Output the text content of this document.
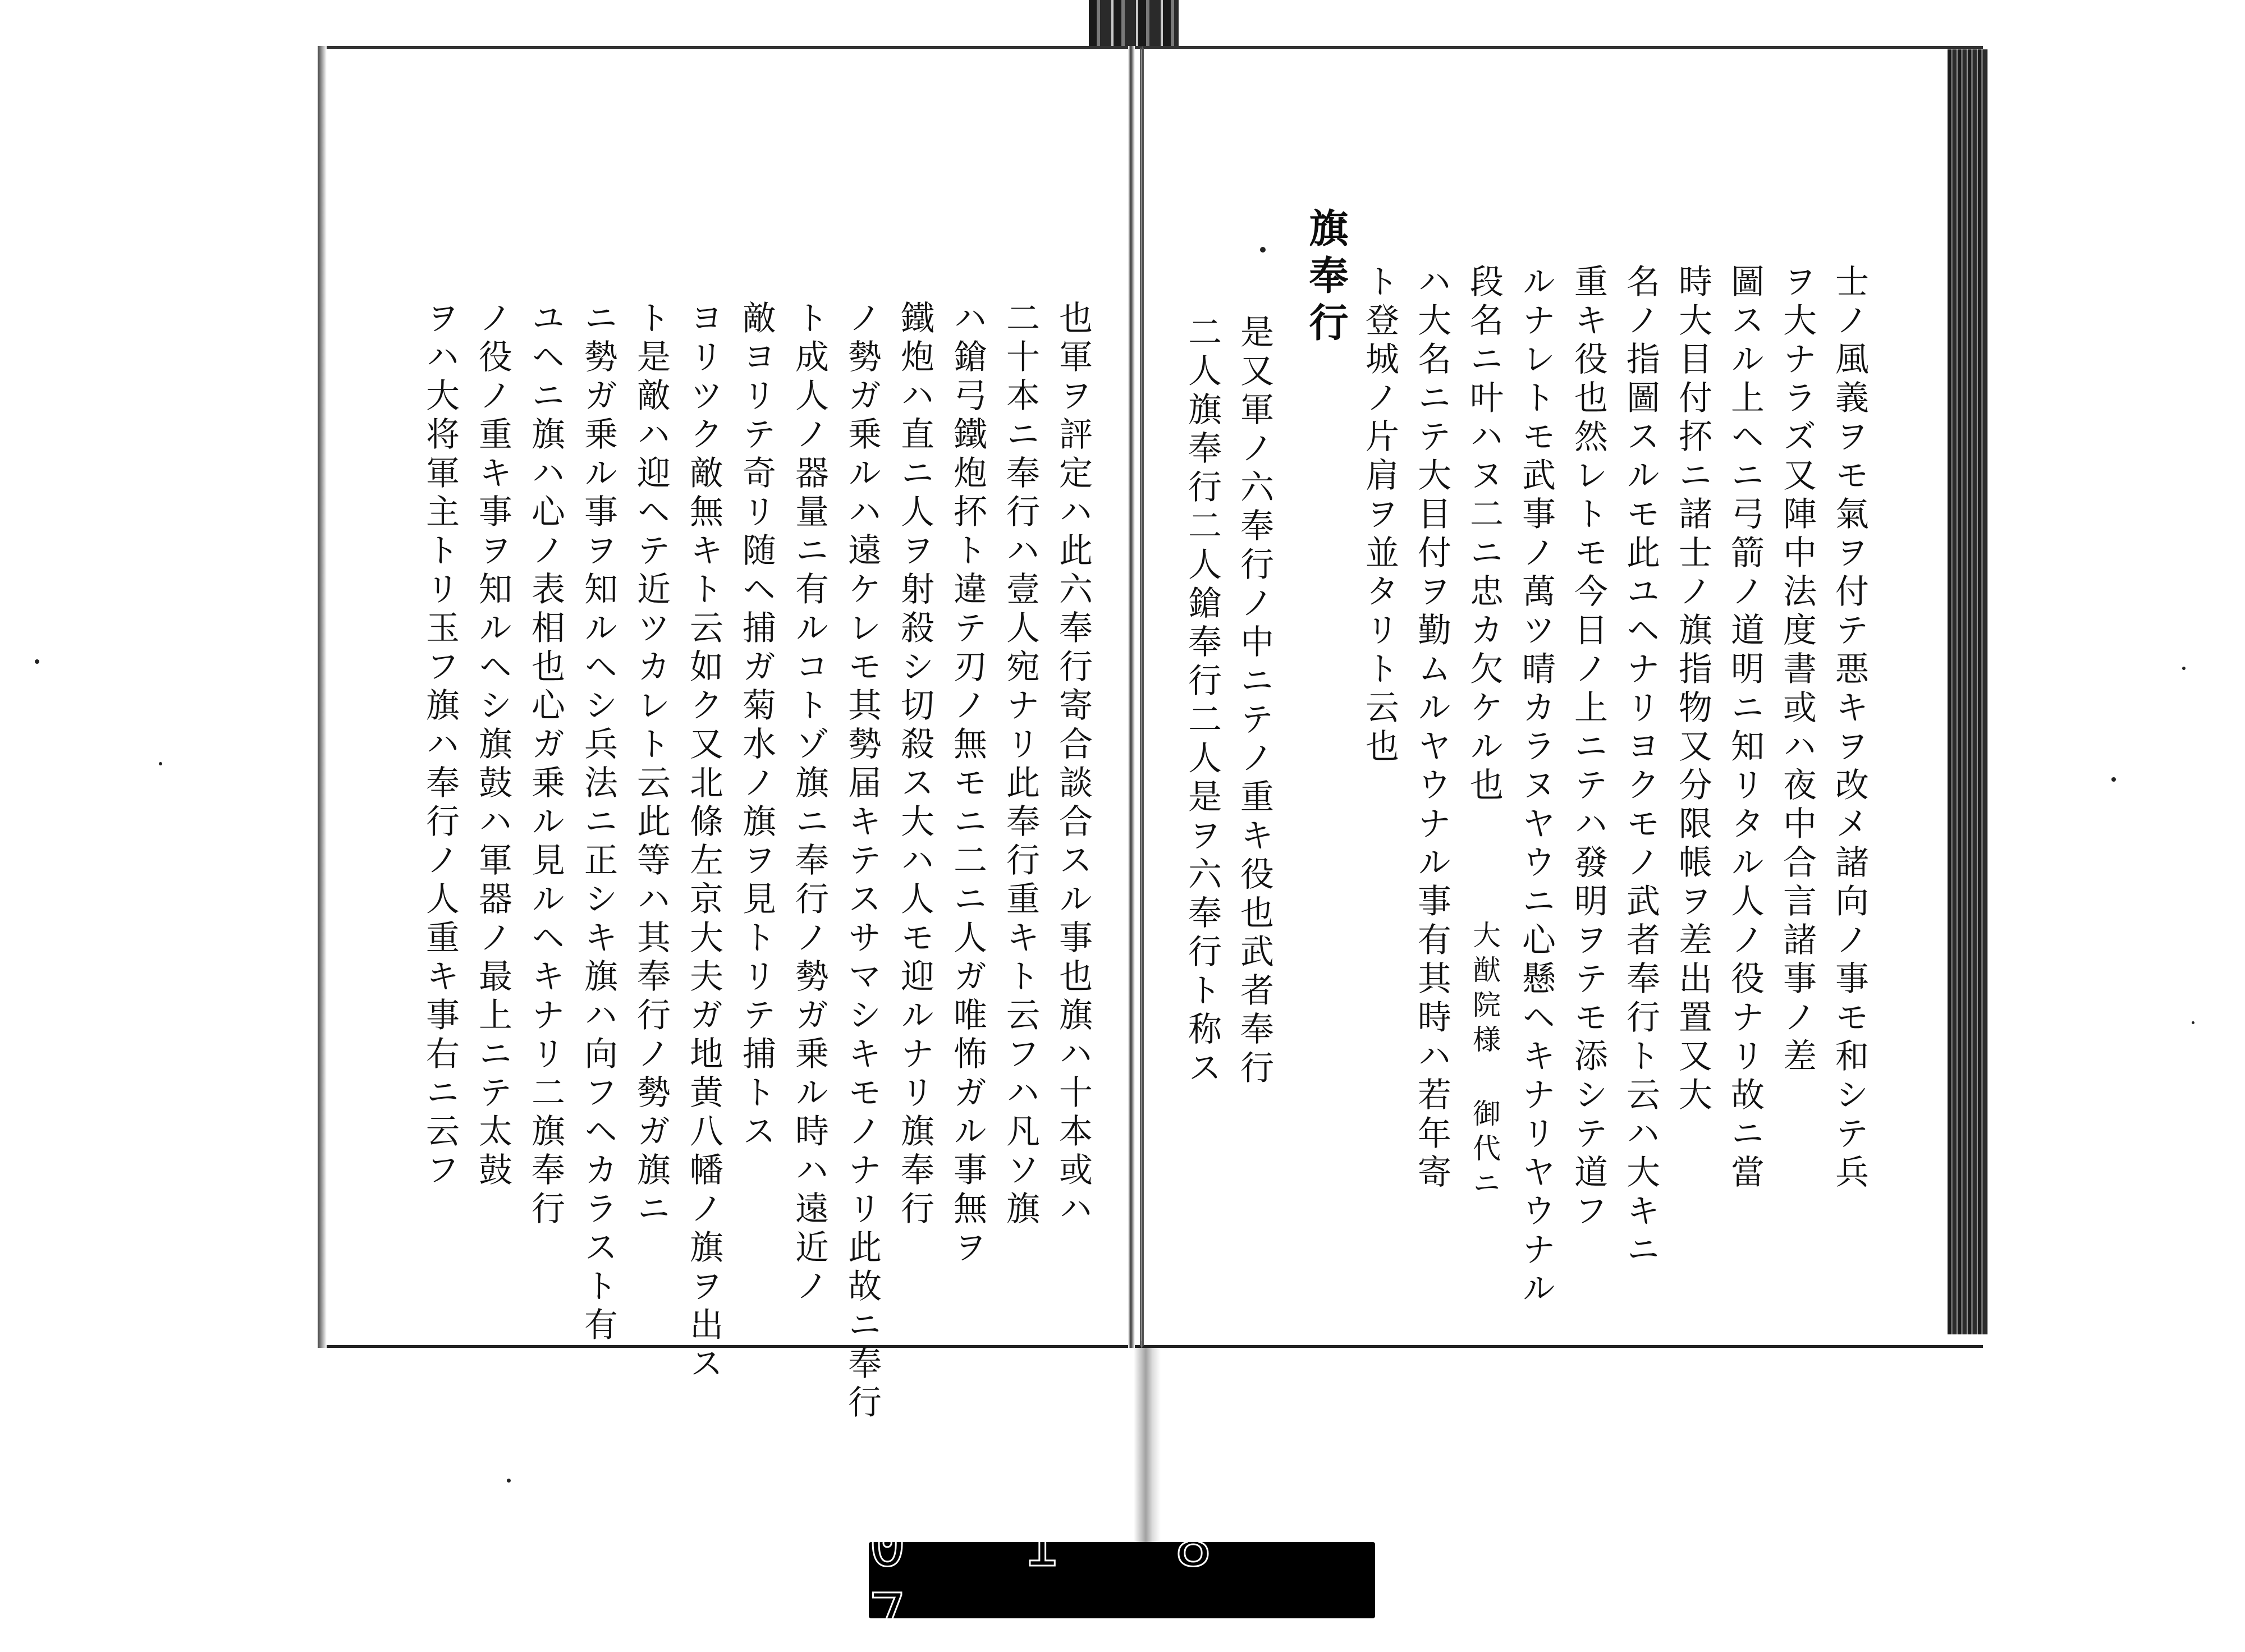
士ノ風義ヲモ氣ヲ付テ悪キヲ改メ諸向ノ事モ和シテ兵
ヲ大ナラズ又陣中法度書或ハ夜中合言諸事ノ差
圖スル上ヘニ弓箭ノ道明ニ知リタル人ノ役ナリ故ニ當
時大目付抔ニ諸士ノ旗指物又分限帳ヲ差出置又大
名ノ指圖スルモ此ユヘナリヨクモノ武者奉行ト云ハ大キニ
重キ役也然レトモ今日ノ上ニテハ發明ヲテモ添シテ道フ
ルナレトモ武事ノ萬ツ晴カラヌヤウニ心懸ヘキナリヤウナル
段名ニ叶ハヌ二ニ忠カ欠ケル也
大猷院様 御代ニ
ハ大名ニテ大目付ヲ勤ムルヤウナル事有其時ハ若年寄
ト登城ノ片肩ヲ並タリト云也
旗奉行
是又軍ノ六奉行ノ中ニテノ重キ役也武者奉行
二人旗奉行二人鎗奉行二人是ヲ六奉行ト称ス
也軍ヲ評定ハ此六奉行寄合談合スル事也旗ハ十本或ハ
二十本ニ奉行ハ壹人宛ナリ此奉行重キト云フハ凡ソ旗
ハ鎗弓鐵炮抔ト違テ刃ノ無モニ二ニ人ガ唯怖ガル事無ヲ
鐵炮ハ直ニ人ヲ射殺シ切殺ス大ハ人モ迎ルナリ旗奉行
ノ勢ガ乗ルハ遠ケレモ其勢届キテスサマシキモノナリ此故ニ奉行
ト成人ノ器量ニ有ルコトゾ旗ニ奉行ノ勢ガ乗ル時ハ遠近ノ
敵ヨリテ奇リ随ヘ捕ガ菊水ノ旗ヲ見トリテ捕トス
ヨリツク敵無キト云如ク又北條左京大夫ガ地黄八幡ノ旗ヲ出ス
ト是敵ハ迎ヘテ近ツカレト云此等ハ其奉行ノ勢ガ旗ニ
ニ勢ガ乗ル事ヲ知ルヘシ兵法ニ正シキ旗ハ向フヘカラスト有
ユヘニ旗ハ心ノ表相也心ガ乗ル見ルヘキナリ二旗奉行
ノ役ノ重キ事ヲ知ルヘシ旗鼓ハ軍器ノ最上ニテ太鼓
ヲハ大将軍主トリ玉フ旗ハ奉行ノ人重キ事右ニ云フ
0 1 8 7
